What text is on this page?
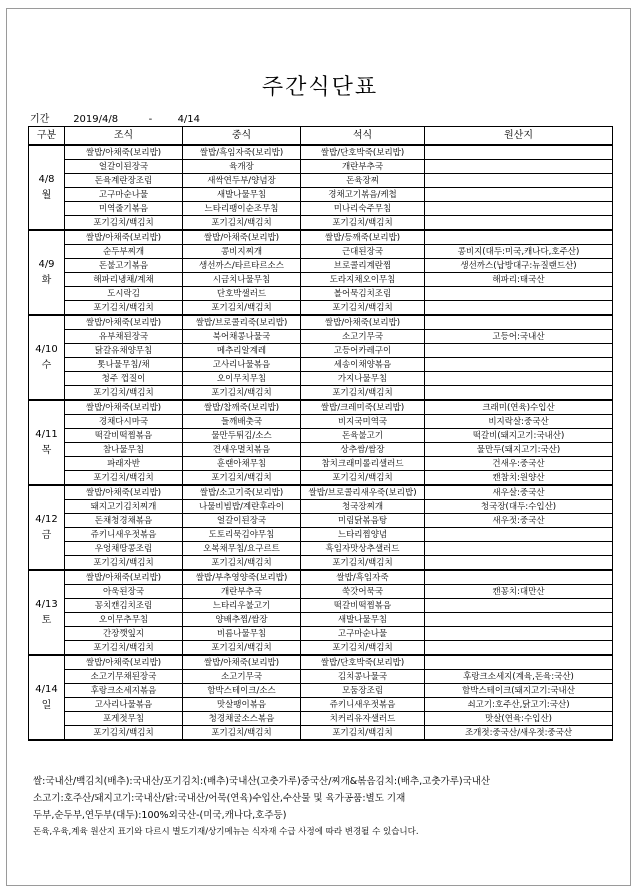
주간식단표
기간 2019/4/8	-	4/14
구분	조식	중식	석식	원산지

4/8
월	쌀밥/아채죽(보리밥)	쌀밥/흑임자죽(보리밥)	쌀밥/단호박죽(보리밥)	
	얼갈이된장국	육개장	개란부추국	
	돈육계란장조림	새싹연두부/양념장	돈육장찌	
	고구마순나물	새발나물무침	경채고기볶음/케첩	
	미역줄기볶음	느타리팽이순조무침	미나리숙주무침	
	포기김치/백김치	포기김치/백김치	포기김치/백김치	

4/9
화	쌀밥/아채죽(보리밥)	쌀밥/아채죽(보리밥)	쌀밥/등깨죽(보리밥)	
	순두부찌개	콩비지찌개	근대된장국	콩비지(대두:미국,캐나다,호주산)
	돈불고기볶음	생선까스/타르타르소스	브로콜리계란찜	생선까스(납방대구:뉴질랜드산)
	해파리냉채/계채	시금치나물무침	도라지채오이무침	해파리:태국산
	도시락김	단호박샐러드	볼어묵김치조림	
	포기김치/백김치	포기김치/백김치	포기김치/백김치	

4/10
수	쌀밥/아채죽(보리밥)	쌀밥/브로콜리죽(보리밥)	쌀밥/아채죽(보리밥)	
	유부채된장국	북어채콩나물국	소고기무국	고등어:국내산
	닭갈유채양무침	메추리알계레	고등어카레구이	
	톳나물무침/채	고사리나물볶음	세송이채양볶음	
	청주 껍질이	오이무치무침	가지나물무침	
	포기김치/백김치	포기김치/백김치	포기김치/백김치	

4/11
목	쌀밥/아채죽(보리밥)	쌀밥/찹깨죽(보리밥)	쌀밥/크레미죽(보리밥)	크래미(연육)수입산
	경채다시마국	들깨배춧국	비지국미역국	비지락살:중국산
	떡갈비떡찜볶음	물만두튀김/소스	돈육불고기	떡갈비(돼지고기:국내산)
	참나물무침	견새우멸치볶음	상추쌈/쌈장	물만두(돼지고기:국산)
	파래자반	훈랜아채무침	참치크래미롤리샐러드	건새우:중국산
	포기김치/백김치	포기김치/백김치	포기김치/백김치	캔참치:원양산

4/12
금	쌀밥/아채죽(보리밥)	쌀밥/소고기죽(보리밥)	쌀밥/브로콜리새우죽(보리밥)	새우살:중국산
	돼지고기김치찌개	나물비빔밥/계란후라이	청국장찌개	청국장(대두:수입산)
	돈채청경채볶음	얼갈이된장국	미림닭볶음탕	새우젓:중국산
	쥬키니새우젓볶음	도토리묵김야무침	느타리찜양념	
	우엉채땅콩조림	오복채무침/요구르트	흑임자맛상추샐러드	
	포기김치/백김치	포기김치/백김치	포기김치/백김치	

4/13
토	쌀밥/아채죽(보리밥)	쌀밥/부추영양죽(보리밥)	쌀밥/흑임자죽	
	아욱된장국	개란부추국	쑥갓어묵국	캔꽁치:대만산
	꽁치캔김치조림	느타리우불고기	떡갈비떡찜볶음	
	오이무추무침	양배추찜/쌈장	새발나물무침	
	간장깻잎지	비름나물무침	고구마순나물	
	포기김치/백김치	포기김치/백김치	포기김치/백김치	

4/14
일	쌀밥/아채죽(보리밥)	쌀밥/아채죽(보리밥)	쌀밥/단호박죽(보리밥)	
	소고기무채된장국	소고기무국	김치콩나물국	후랑크소세지(계육,돈육:국산)
	후랑크소세지볶음	함박스테이크/소스	모둠장조림	함박스테이크(돼지고기:국내산
	고사리나물볶음	맛살팽이볶음	쥬키니새우젓볶음	쇠고기:호주산,닭고기:국산)
	포게젓무침	청경채굴소스볶음	치커리유자샐러드	맛살(연육:수입산)
	포기김치/백김치	포기김치/백김치	포기김치/백김치	조개젓:중국산/새우젓:중국산
쌀:국내산/백김치(배추):국내산/포기김치:(배추)국내산(고춧가루)중국산/찌개&볶음김치:(배추,고춧가루)국내산
소고기:호주산/돼지고기:국내산/닭:국내산/어묵(연육)수입산,수산물 및 육가공품:별도 기재
두부,순두부,연두부(대두):100%외국산-(미국,캐나다,호주등)
돈육,우육,계육 원산지 표기와 다르시 별도기재/상기메뉴는 식자재 수급 사정에 따라 변경될 수 있습니다.
